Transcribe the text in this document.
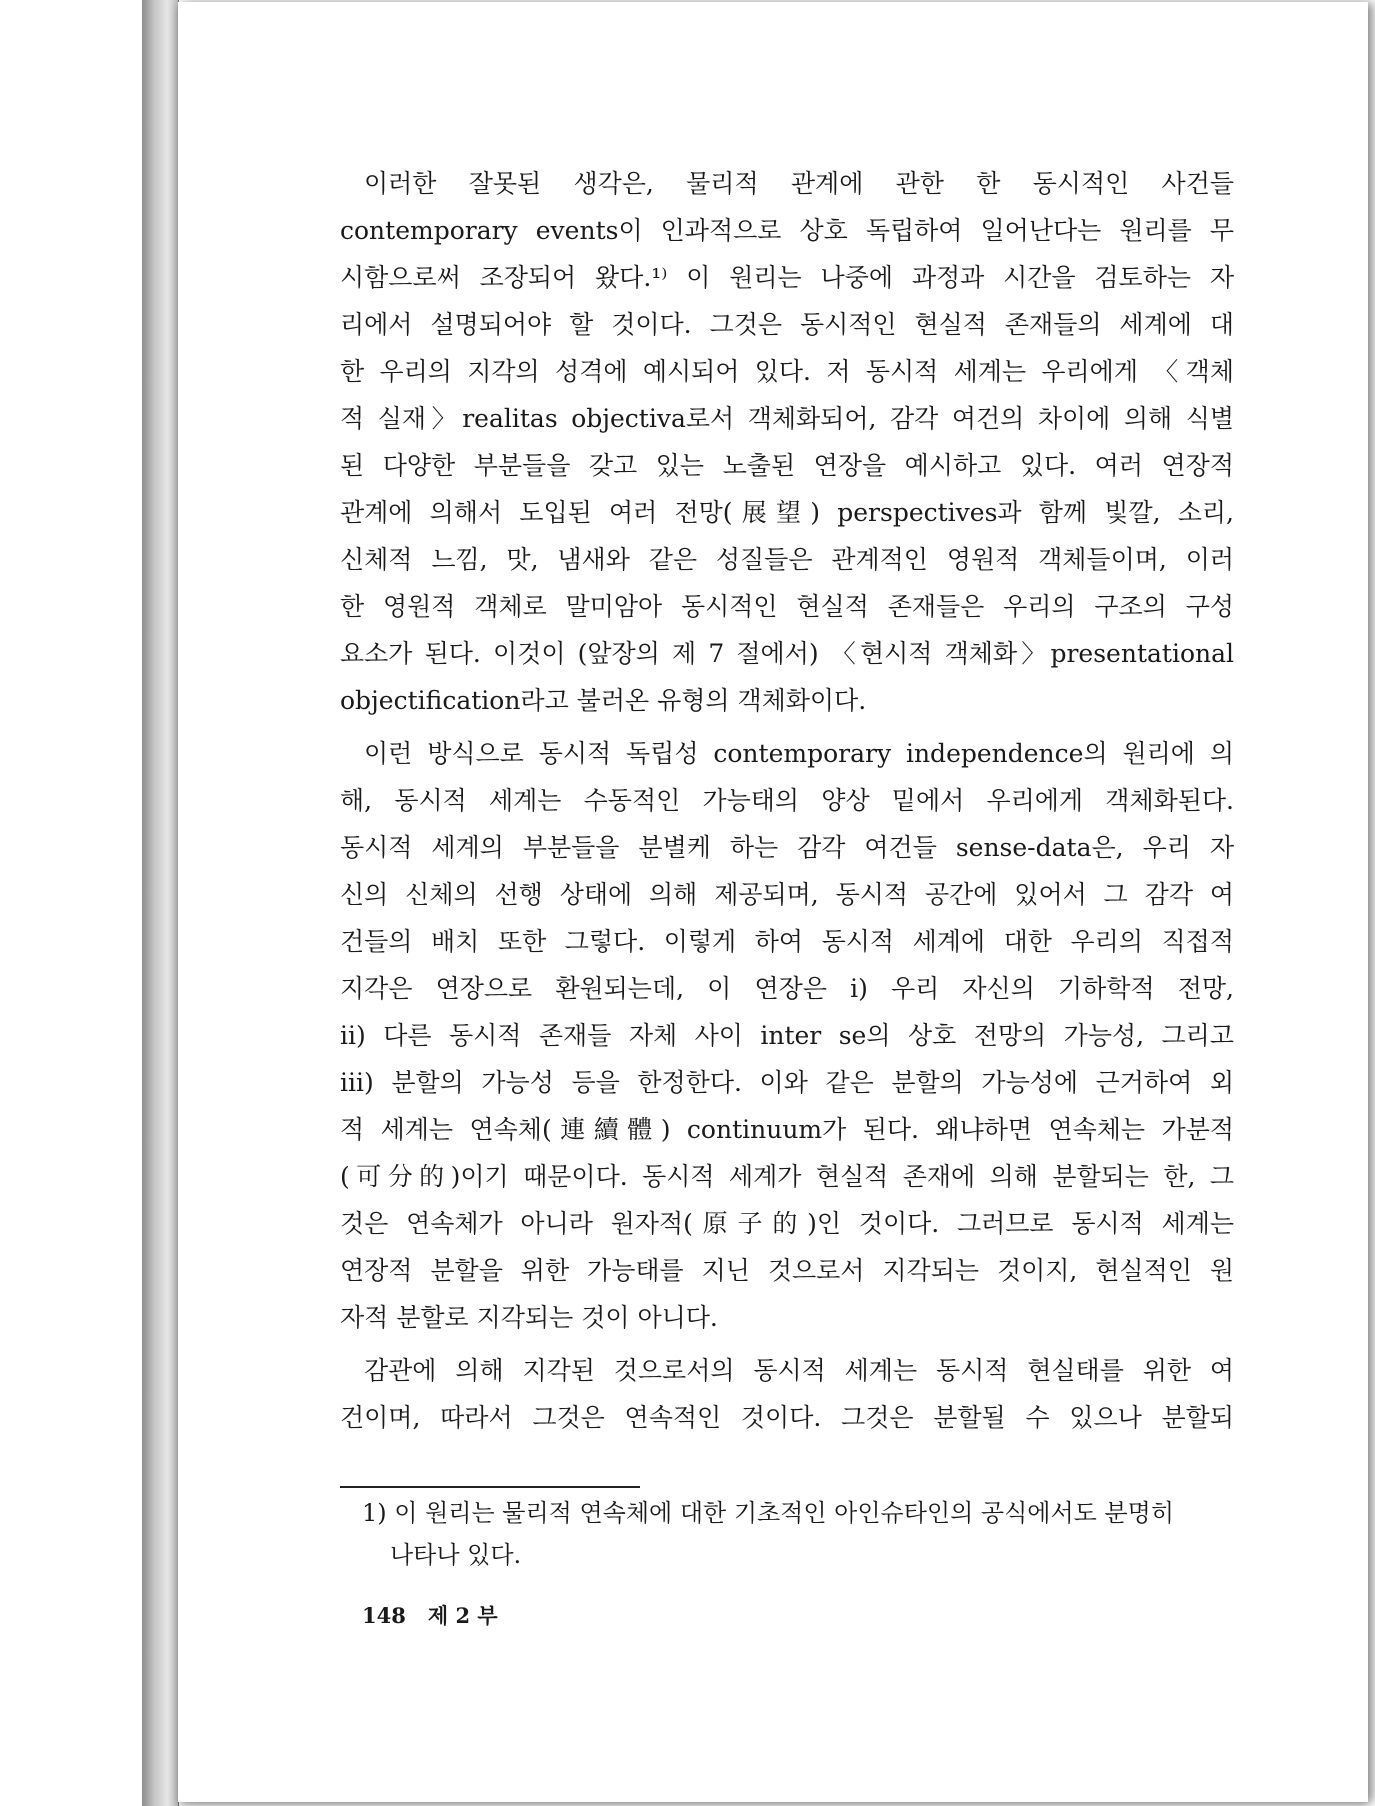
이러한 잘못된 생각은, 물리적 관계에 관한 한 동시적인 사건들
contemporary events이 인과적으로 상호 독립하여 일어난다는 원리를 무
시함으로써 조장되어 왔다.¹⁾ 이 원리는 나중에 과정과 시간을 검토하는 자
리에서 설명되어야 할 것이다. 그것은 동시적인 현실적 존재들의 세계에 대
한 우리의 지각의 성격에 예시되어 있다. 저 동시적 세계는 우리에게 〈객체
적 실재〉realitas objectiva로서 객체화되어, 감각 여건의 차이에 의해 식별
된 다양한 부분들을 갖고 있는 노출된 연장을 예시하고 있다. 여러 연장적
관계에 의해서 도입된 여러 전망(展望) perspectives과 함께 빛깔, 소리,
신체적 느낌, 맛, 냄새와 같은 성질들은 관계적인 영원적 객체들이며, 이러
한 영원적 객체로 말미암아 동시적인 현실적 존재들은 우리의 구조의 구성
요소가 된다. 이것이 (앞장의 제 7 절에서) 〈현시적 객체화〉presentational
objectification라고 불러온 유형의 객체화이다.
이런 방식으로 동시적 독립성 contemporary independence의 원리에 의
해, 동시적 세계는 수동적인 가능태의 양상 밑에서 우리에게 객체화된다.
동시적 세계의 부분들을 분별케 하는 감각 여건들 sense-data은, 우리 자
신의 신체의 선행 상태에 의해 제공되며, 동시적 공간에 있어서 그 감각 여
건들의 배치 또한 그렇다. 이렇게 하여 동시적 세계에 대한 우리의 직접적
지각은 연장으로 환원되는데, 이 연장은 i) 우리 자신의 기하학적 전망,
ii) 다른 동시적 존재들 자체 사이 inter se의 상호 전망의 가능성, 그리고
iii) 분할의 가능성 등을 한정한다. 이와 같은 분할의 가능성에 근거하여 외
적 세계는 연속체(連續體) continuum가 된다. 왜냐하면 연속체는 가분적
(可分的)이기 때문이다. 동시적 세계가 현실적 존재에 의해 분할되는 한, 그
것은 연속체가 아니라 원자적(原子的)인 것이다. 그러므로 동시적 세계는
연장적 분할을 위한 가능태를 지닌 것으로서 지각되는 것이지, 현실적인 원
자적 분할로 지각되는 것이 아니다.
감관에 의해 지각된 것으로서의 동시적 세계는 동시적 현실태를 위한 여
건이며, 따라서 그것은 연속적인 것이다. 그것은 분할될 수 있으나 분할되
1) 이 원리는 물리적 연속체에 대한 기초적인 아인슈타인의 공식에서도 분명히
나타나 있다.
148 제 2 부
